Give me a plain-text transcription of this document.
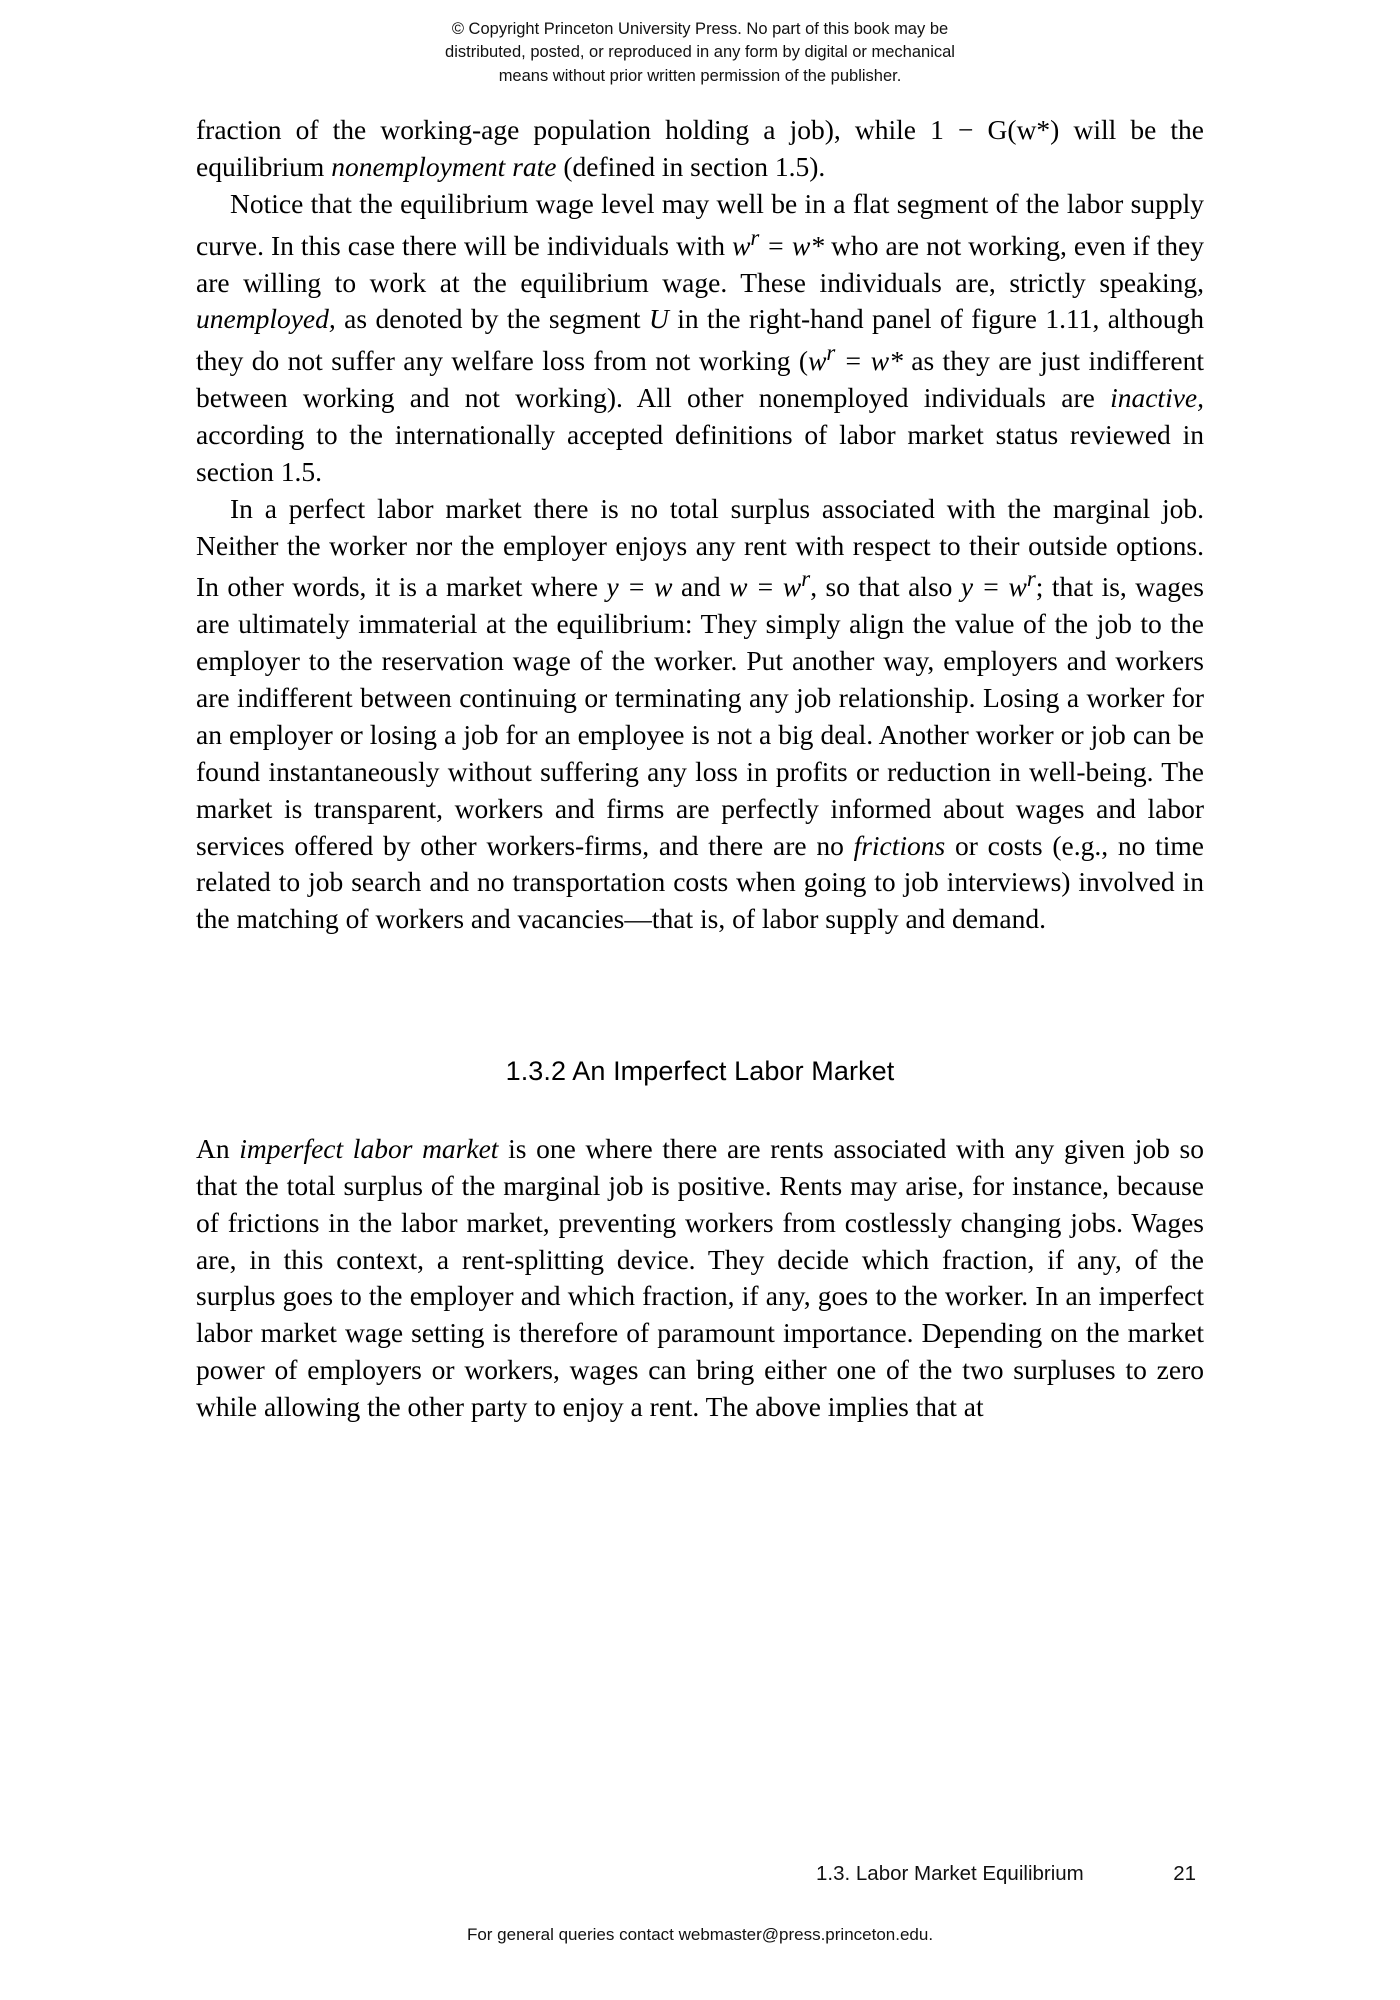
© Copyright Princeton University Press. No part of this book may be
distributed, posted, or reproduced in any form by digital or mechanical
means without prior written permission of the publisher.

fraction of the working-age population holding a job), while 1 − G(w*) will be the equilibrium nonemployment rate (defined in section 1.5).

Notice that the equilibrium wage level may well be in a flat segment of the labor supply curve. In this case there will be individuals with $w^r = w*$ who are not working, even if they are willing to work at the equilibrium wage. These individuals are, strictly speaking, unemployed, as denoted by the segment U in the right-hand panel of figure 1.11, although they do not suffer any welfare loss from not working ($w^r = w*$ as they are just indifferent between working and not working). All other nonemployed individuals are inactive, according to the internationally accepted definitions of labor market status reviewed in section 1.5.

In a perfect labor market there is no total surplus associated with the marginal job. Neither the worker nor the employer enjoys any rent with respect to their outside options. In other words, it is a market where y = w and $w = w^r$, so that also $y = w^r$; that is, wages are ultimately immaterial at the equilibrium: They simply align the value of the job to the employer to the reservation wage of the worker. Put another way, employers and workers are indifferent between continuing or terminating any job relationship. Losing a worker for an employer or losing a job for an employee is not a big deal. Another worker or job can be found instantaneously without suffering any loss in profits or reduction in well-being. The market is transparent, workers and firms are perfectly informed about wages and labor services offered by other workers-firms, and there are no frictions or costs (e.g., no time related to job search and no transportation costs when going to job interviews) involved in the matching of workers and vacancies—that is, of labor supply and demand.

1.3.2 An Imperfect Labor Market

An imperfect labor market is one where there are rents associated with any given job so that the total surplus of the marginal job is positive. Rents may arise, for instance, because of frictions in the labor market, preventing workers from costlessly changing jobs. Wages are, in this context, a rent-splitting device. They decide which fraction, if any, of the surplus goes to the employer and which fraction, if any, goes to the worker. In an imperfect labor market wage setting is therefore of paramount importance. Depending on the market power of employers or workers, wages can bring either one of the two surpluses to zero while allowing the other party to enjoy a rent. The above implies that at

1.3. Labor Market Equilibrium	21
For general queries contact webmaster@press.princeton.edu.
